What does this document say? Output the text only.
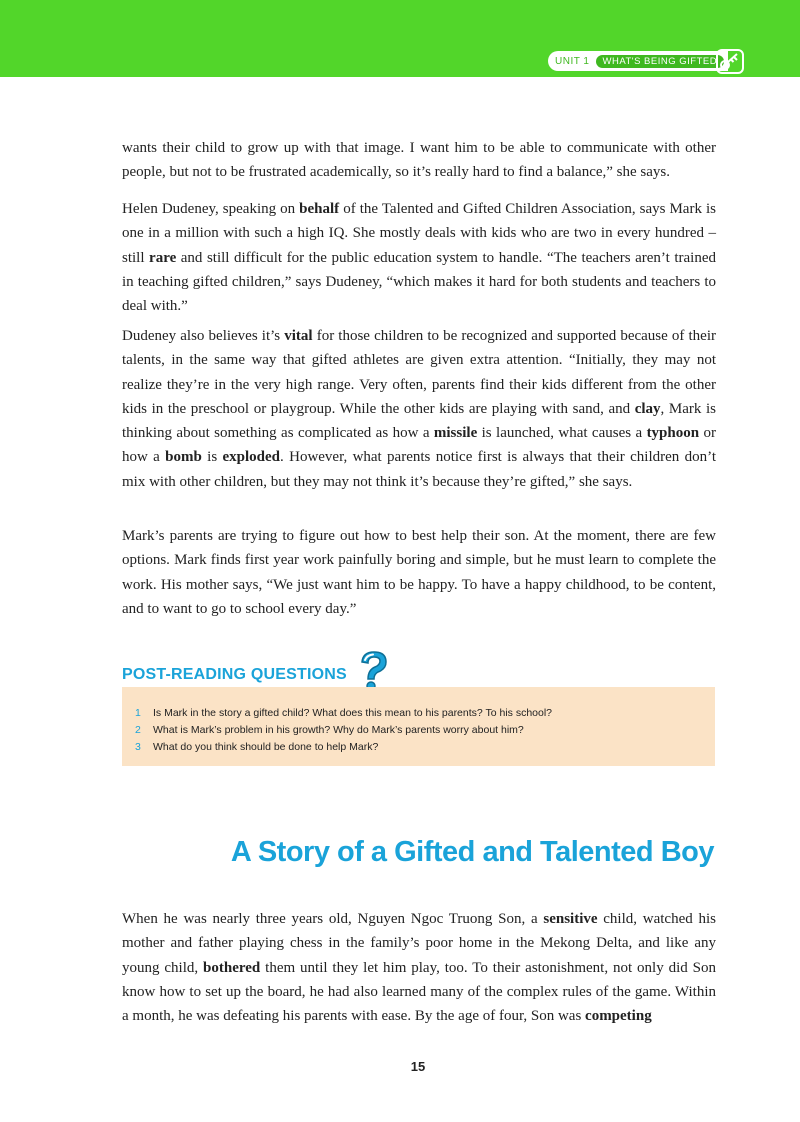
UNIT 1	WHAT'S BEING GIFTED

wants their child to grow up with that image. I want him to be able to communicate with other people, but not to be frustrated academically, so it’s really hard to find a balance,” she says.

Helen Dudeney, speaking on behalf of the Talented and Gifted Children Association, says Mark is one in a million with such a high IQ. She mostly deals with kids who are two in every hundred – still rare and still difficult for the public education system to handle. “The teachers aren’t trained in teaching gifted children,” says Dudeney, “which makes it hard for both students and teachers to deal with.”

Dudeney also believes it’s vital for those children to be recognized and supported because of their talents, in the same way that gifted athletes are given extra attention. “Initially, they may not realize they’re in the very high range. Very often, parents find their kids different from the other kids in the preschool or playgroup. While the other kids are playing with sand, and clay, Mark is thinking about something as complicated as how a missile is launched, what causes a typhoon or how a bomb is exploded. However, what parents notice first is always that their children don’t mix with other children, but they may not think it’s because they’re gifted,” she says.

Mark’s parents are trying to figure out how to best help their son. At the moment, there are few options. Mark finds first year work painfully boring and simple, but he must learn to complete the work. His mother says, “We just want him to be happy. To have a happy childhood, to be content, and to want to go to school every day.”

POST-READING QUESTIONS
1 Is Mark in the story a gifted child? What does this mean to his parents? To his school?
2 What is Mark’s problem in his growth? Why do Mark’s parents worry about him?
3 What do you think should be done to help Mark?
A Story of a Gifted and Talented Boy

When he was nearly three years old, Nguyen Ngoc Truong Son, a sensitive child, watched his mother and father playing chess in the family’s poor home in the Mekong Delta, and like any young child, bothered them until they let him play, too. To their astonishment, not only did Son know how to set up the board, he had also learned many of the complex rules of the game. Within a month, he was defeating his parents with ease. By the age of four, Son was competing

15
